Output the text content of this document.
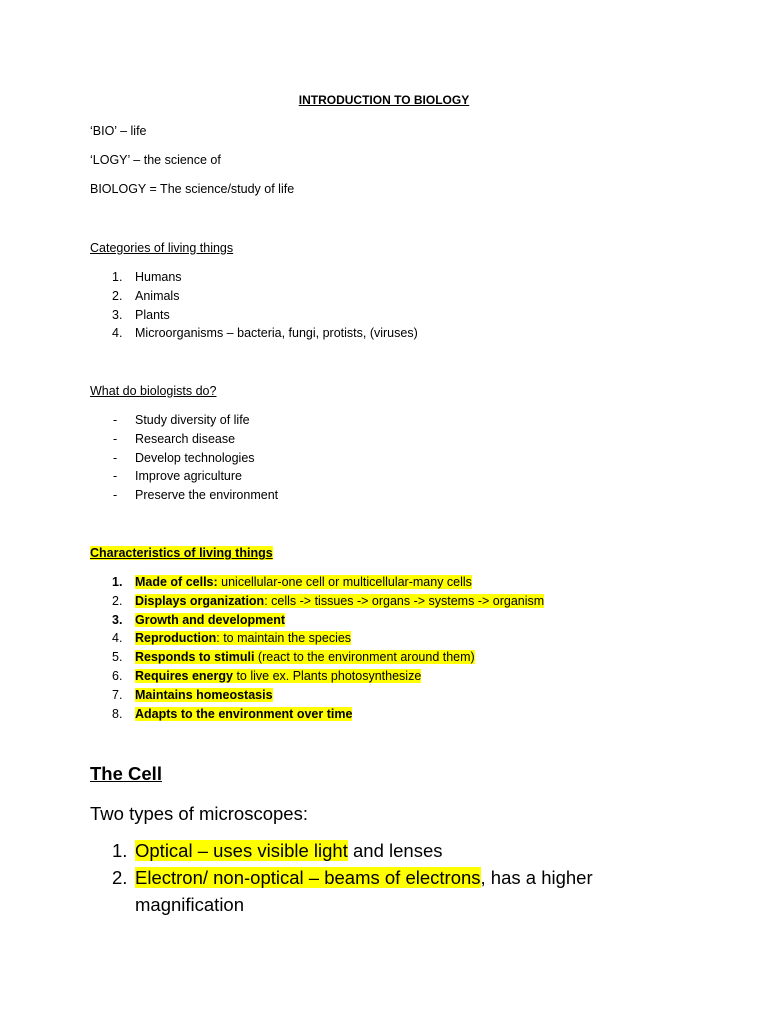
INTRODUCTION TO BIOLOGY
‘BIO’ – life
‘LOGY’ – the science of
BIOLOGY = The science/study of life
Categories of living things
1.	Humans
2.	Animals
3.	Plants
4.	Microorganisms – bacteria, fungi, protists, (viruses)
What do biologists do?
-	Study diversity of life
-	Research disease
-	Develop technologies
-	Improve agriculture
-	Preserve the environment
Characteristics of living things
1.	Made of cells: unicellular-one cell or multicellular-many cells
2.	Displays organization: cells -> tissues -> organs -> systems -> organism
3.	Growth and development
4.	Reproduction: to maintain the species
5.	Responds to stimuli (react to the environment around them)
6.	Requires energy to live ex. Plants photosynthesize
7.	Maintains homeostasis
8.	Adapts to the environment over time
The Cell
Two types of microscopes:
1. Optical – uses visible light and lenses
2. Electron/ non-optical – beams of electrons, has a higher magnification
